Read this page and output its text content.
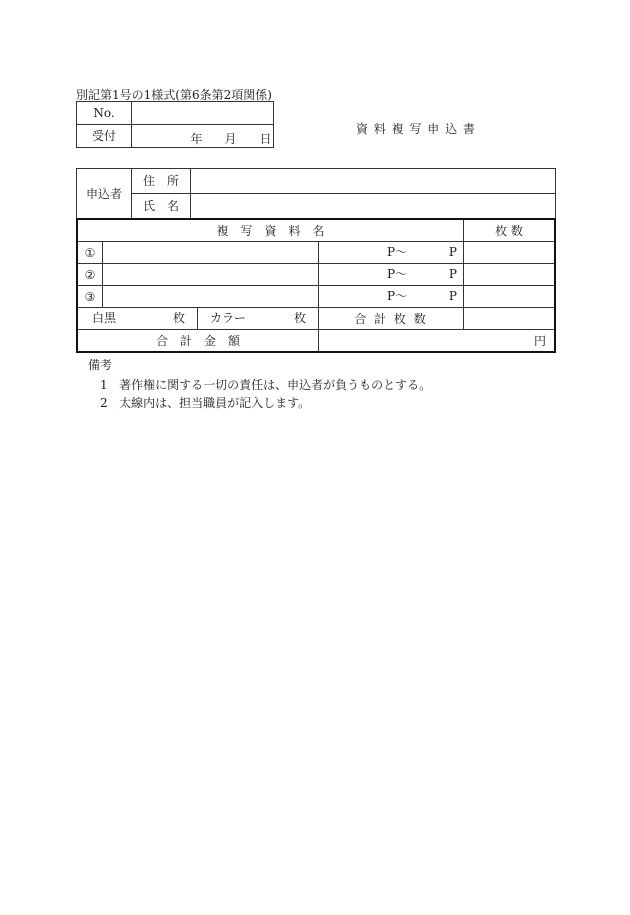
別記第1号の1様式(第6条第2項関係)
No.	
受付	年 月 日
資 料 複 写 申 込 書
申込者	住　所	
	氏　名	
複　写　資　料　名				枚 数
①			P〜 P	

②			P〜 P	

③			P〜 P	

白黒 枚		カラー 枚	合 計 枚 数	
合　計　金　額			円	
備考
1 著作権に関する一切の責任は、申込者が負うものとする。
2 太線内は、担当職員が記入します。
